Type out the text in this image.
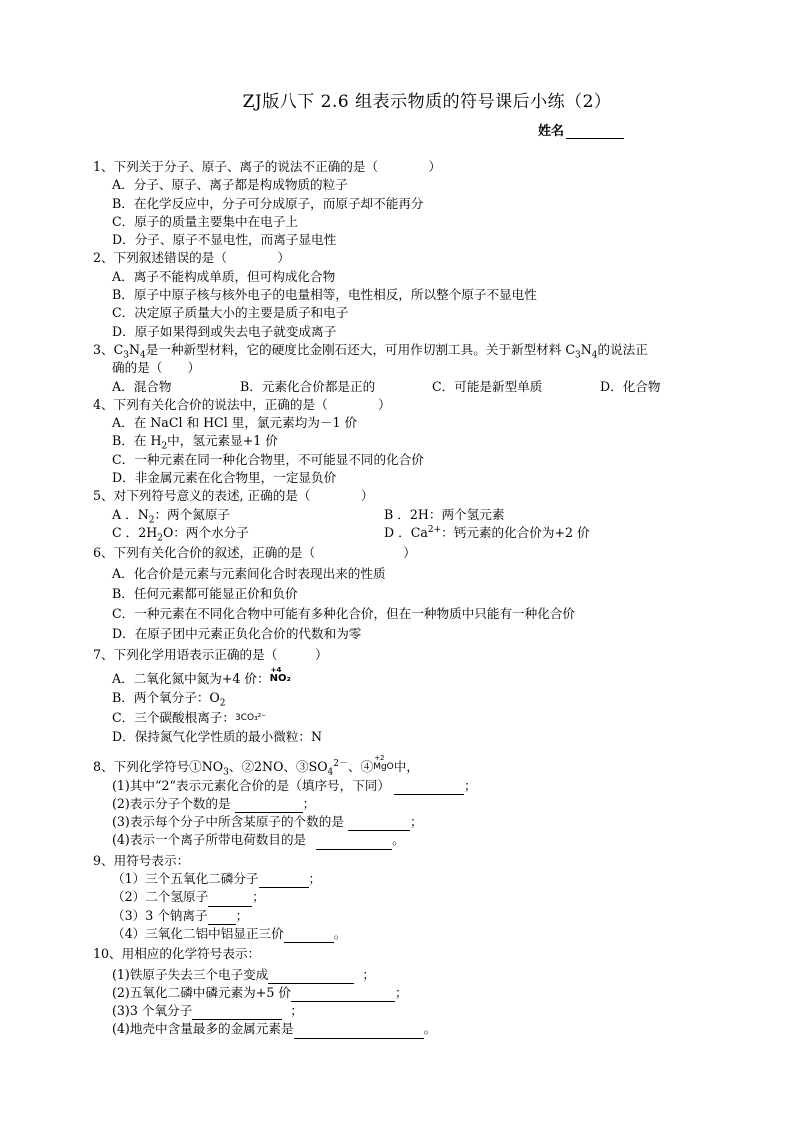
ZJ版八下 2.6 组表示物质的符号课后小练（2）
姓名

1、下列关于分子、原子、离子的说法不正确的是（　　　　）

A．分子、原子、离子都是构成物质的粒子

B．在化学反应中，分子可分成原子，而原子却不能再分

C．原子的质量主要集中在电子上

D．分子、原子不显电性，而离子显电性

2、下列叙述错误的是（　　　　）

A．离子不能构成单质，但可构成化合物

B．原子中原子核与核外电子的电量相等，电性相反，所以整个原子不显电性

C．决定原子质量大小的主要是质子和电子

D．原子如果得到或失去电子就变成离子

3、$C_3N_4$是一种新型材料，它的硬度比金刚石还大，可用作切割工具。关于新型材料 $C_3N_4$的说法正

确的是（　　）

A．混合物	B．元素化合价都是正的	C．可能是新型单质	D．化合物

4、下列有关化合价的说法中，正确的是（　　　　）

A．在 NaCl 和 HCl 里，氯元素均为－1 价

B．在 $H_2$中，氢元素显+1 价

C．一种元素在同一种化合物里，不可能显不同的化合价

D．非金属元素在化合物里，一定显负价

5、对下列符号意义的表述, 正确的是（　　　　）

A ．$N_2$：两个氮原子	B ．2H：两个氢元素
C ．$2H_2O$：两个水分子	D ．$Ca^{2+}$：钙元素的化合价为+2 价

6、下列有关化合价的叙述，正确的是（　　　　　　　）

A．化合价是元素与元素间化合时表现出来的性质

B．任何元素都可能显正价和负价

C．一种元素在不同化合物中可能有多种化合价，但在一种物质中只能有一种化合价

D．在原子团中元素正负化合价的代数和为零

7、下列化学用语表示正确的是（　　　）

A．二氧化氮中氮为+4 价：
+4
NO₂

B．两个氧分子：$O_2$

C．三个碳酸根离子：3CO₃²⁻

D．保持氮气化学性质的最小微粒：N

8、下列化学符号$①NO_3$、②2NO、$③SO_4^{2-}$、④
+2
MgO中，

(1)其中“2“表示元素化合价的是（填序号，下同）	；

(2)表示分子个数的是	；

(3)表示每个分子中所含某原子的个数的是	；

(4)表示一个离子所带电荷数目的是	。

9、用符号表示：

（1）三个五氧化二磷分子	；

（2）二个氢原子	；

（3）3 个钠离子 ；

（4）三氧化二铝中铝显正三价	。

10、用相应的化学符号表示：

(1)铁原子失去三个电子变成	；

(2)五氧化二磷中磷元素为+5 价	；

(3)3 个氧分子	；

(4)地壳中含量最多的金属元素是	。
